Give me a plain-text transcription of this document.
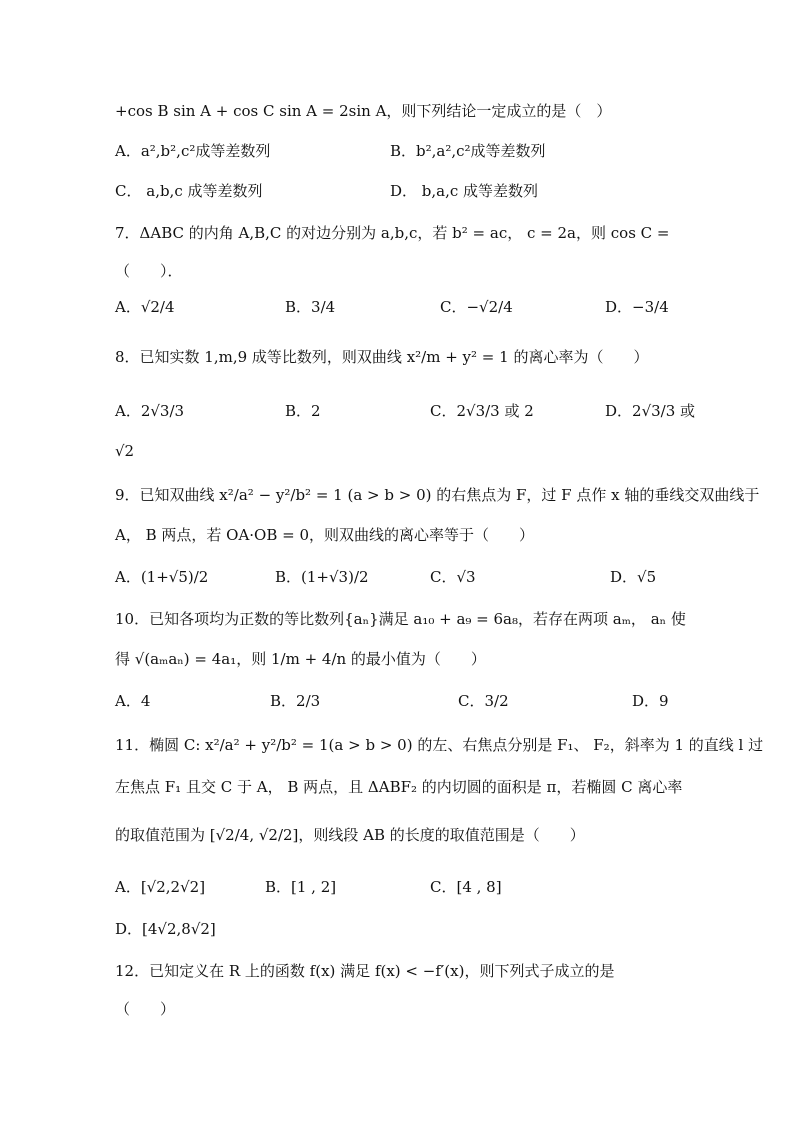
+cos B sin A + cos C sin A = 2sin A，则下列结论一定成立的是（　）
A．a²,b²,c²成等差数列	B．b²,a²,c²成等差数列
C． a,b,c 成等差数列	D． b,a,c 成等差数列
7．ΔABC 的内角 A,B,C 的对边分别为 a,b,c，若 b² = ac， c = 2a，则 cos C =
（　　）．
A．√2/4	B．3/4	C．−√2/4	D．−3/4
8．已知实数 1,m,9 成等比数列，则双曲线 x²/m + y² = 1 的离心率为（　　）
A．2√3/3	B．2	C．2√3/3 或 2	D．2√3/3 或
√2
9．已知双曲线 x²/a² − y²/b² = 1 (a > b > 0) 的右焦点为 F，过 F 点作 x 轴的垂线交双曲线于
A， B 两点，若 OA·OB = 0，则双曲线的离心率等于（　　）
A．(1+√5)/2	B．(1+√3)/2	C．√3	D．√5
10．已知各项均为正数的等比数列{aₙ}满足 a₁₀ + a₉ = 6a₈，若存在两项 aₘ， aₙ 使
得 √(aₘaₙ) = 4a₁，则 1/m + 4/n 的最小值为（　　）
A．4	B．2/3	C．3/2	D．9
11．椭圆 C: x²/a² + y²/b² = 1(a > b > 0) 的左、右焦点分别是 F₁、 F₂，斜率为 1 的直线 l 过
左焦点 F₁ 且交 C 于 A， B 两点，且 ΔABF₂ 的内切圆的面积是 π，若椭圆 C 离心率
的取值范围为 [√2/4, √2/2]，则线段 AB 的长度的取值范围是（　　）
A．[√2,2√2]	B．[1 , 2]	C．[4 , 8]
D．[4√2,8√2]
12．已知定义在 R 上的函数 f(x) 满足 f(x) < −f′(x)，则下列式子成立的是
（　　）
